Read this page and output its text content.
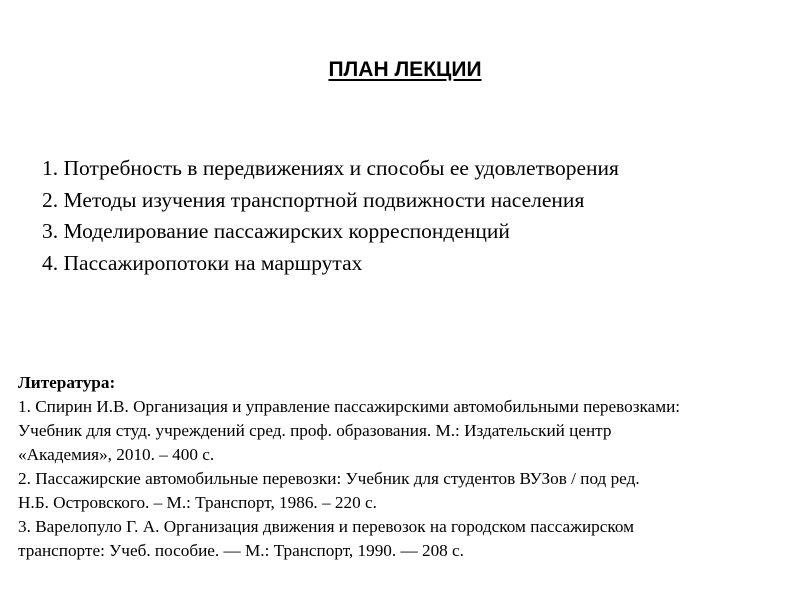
ПЛАН ЛЕКЦИИ
1. Потребность в передвижениях и способы ее удовлетворения
2. Методы изучения транспортной подвижности населения
3. Моделирование пассажирских корреспонденций
4. Пассажиропотоки на маршрутах
Литература:
1. Спирин И.В. Организация и управление пассажирскими автомобильными перевозками:
Учебник для студ. учреждений сред. проф. образования. М.: Издательский центр
«Академия», 2010. – 400 с.
2. Пассажирские автомобильные перевозки: Учебник для студентов ВУЗов / под ред.
Н.Б. Островского. – М.: Транспорт, 1986. – 220 с.
3. Варелопуло Г. А. Организация движения и перевозок на городском пассажирском
транспорте: Учеб. пособие. — М.: Транспорт, 1990. — 208 с.
